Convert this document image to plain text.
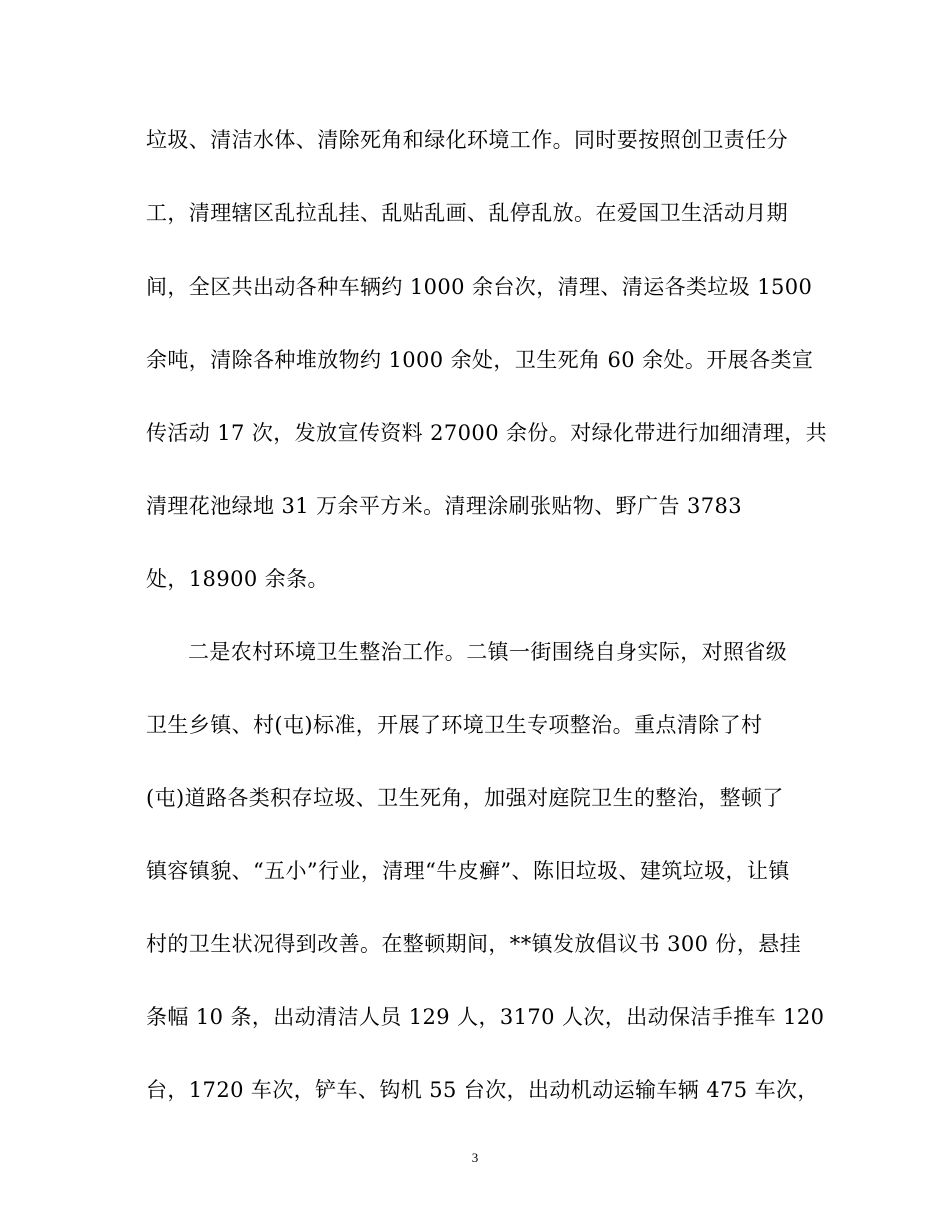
垃圾、清洁水体、清除死角和绿化环境工作。同时要按照创卫责任分
工，清理辖区乱拉乱挂、乱贴乱画、乱停乱放。在爱国卫生活动月期
间，全区共出动各种车辆约 1000 余台次，清理、清运各类垃圾 1500
余吨，清除各种堆放物约 1000 余处，卫生死角 60 余处。开展各类宣
传活动 17 次，发放宣传资料 27000 余份。对绿化带进行加细清理，共
清理花池绿地 31 万余平方米。清理涂刷张贴物、野广告 3783
处，18900 余条。
二是农村环境卫生整治工作。二镇一街围绕自身实际，对照省级
卫生乡镇、村(屯)标准，开展了环境卫生专项整治。重点清除了村
(屯)道路各类积存垃圾、卫生死角，加强对庭院卫生的整治，整顿了
镇容镇貌、“五小”行业，清理“牛皮癣”、陈旧垃圾、建筑垃圾，让镇
村的卫生状况得到改善。在整顿期间，**镇发放倡议书 300 份，悬挂
条幅 10 条，出动清洁人员 129 人，3170 人次，出动保洁手推车 120
台，1720 车次，铲车、钩机 55 台次，出动机动运输车辆 475 车次，
3
